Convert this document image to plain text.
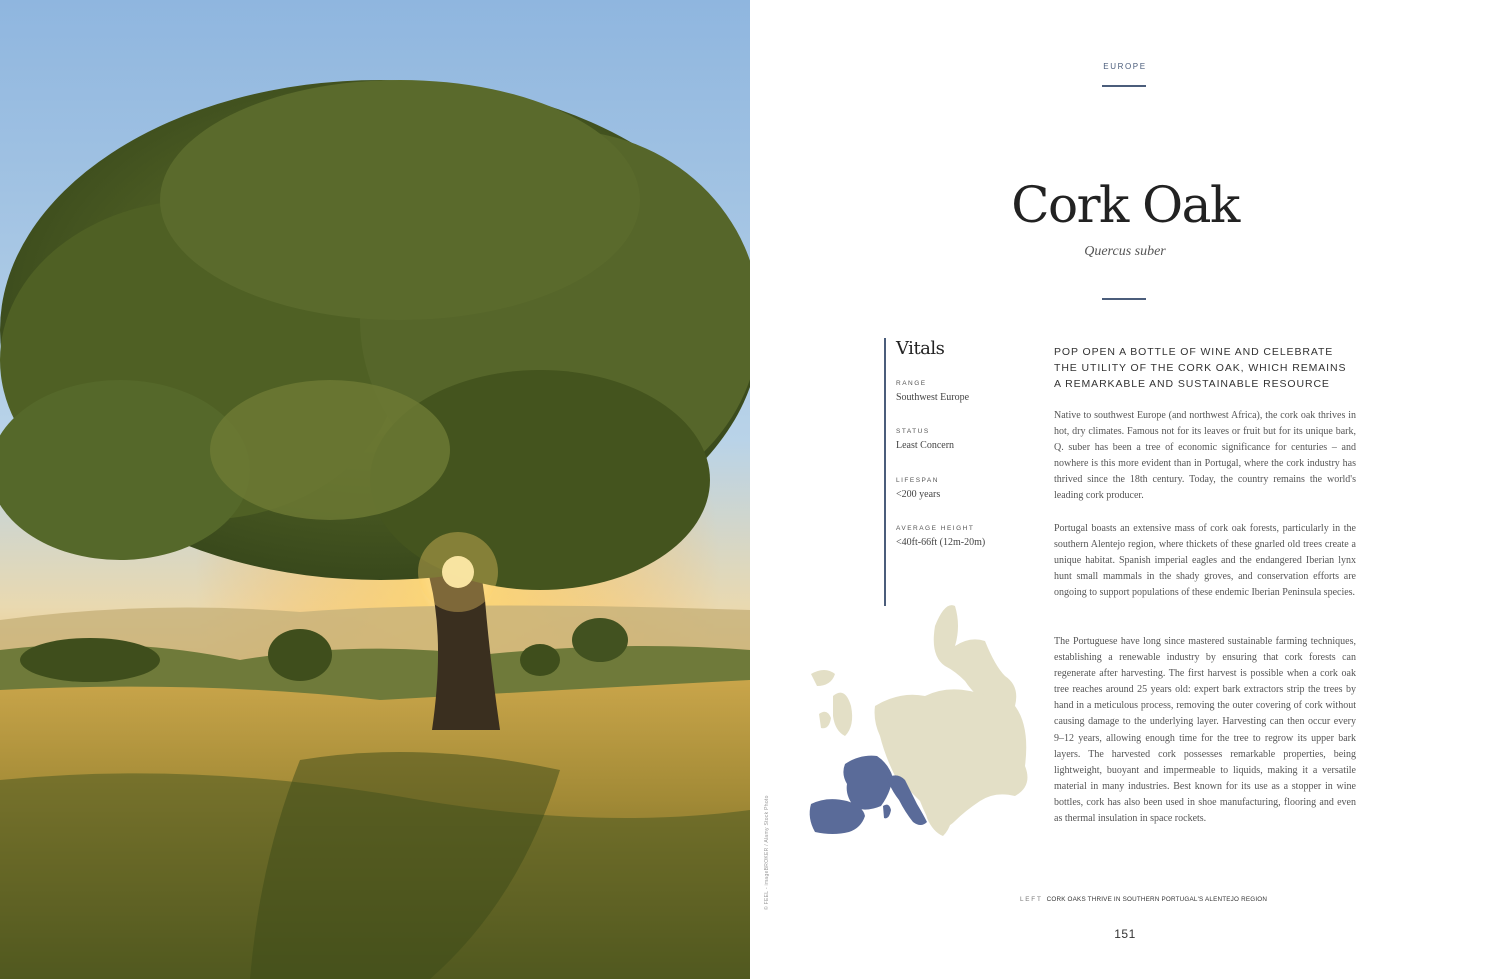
© FEEL - imageBROKER / Alamy Stock Photo
EUROPE
Cork Oak
Quercus suber
Vitals
RANGE
Southwest Europe
STATUS
Least Concern
LIFESPAN
<200 years
AVERAGE HEIGHT
<40ft-66ft (12m-20m)
POP OPEN A BOTTLE OF WINE AND CELEBRATE THE UTILITY OF THE CORK OAK, WHICH REMAINS A REMARKABLE AND SUSTAINABLE RESOURCE
Native to southwest Europe (and northwest Africa), the cork oak thrives in hot, dry climates. Famous not for its leaves or fruit but for its unique bark, Q. suber has been a tree of economic significance for centuries – and nowhere is this more evident than in Portugal, where the cork industry has thrived since the 18th century. Today, the country remains the world's leading cork producer.
Portugal boasts an extensive mass of cork oak forests, particularly in the southern Alentejo region, where thickets of these gnarled old trees create a unique habitat. Spanish imperial eagles and the endangered Iberian lynx hunt small mammals in the shady groves, and conservation efforts are ongoing to support populations of these endemic Iberian Peninsula species.
The Portuguese have long since mastered sustainable farming techniques, establishing a renewable industry by ensuring that cork forests can regenerate after harvesting. The first harvest is possible when a cork oak tree reaches around 25 years old: expert bark extractors strip the trees by hand in a meticulous process, removing the outer covering of cork without causing damage to the underlying layer. Harvesting can then occur every 9–12 years, allowing enough time for the tree to regrow its upper bark layers. The harvested cork possesses remarkable properties, being lightweight, buoyant and impermeable to liquids, making it a versatile material in many industries. Best known for its use as a stopper in wine bottles, cork has also been used in shoe manufacturing, flooring and even as thermal insulation in space rockets.
LEFT CORK OAKS THRIVE IN SOUTHERN PORTUGAL'S ALENTEJO REGION
151
